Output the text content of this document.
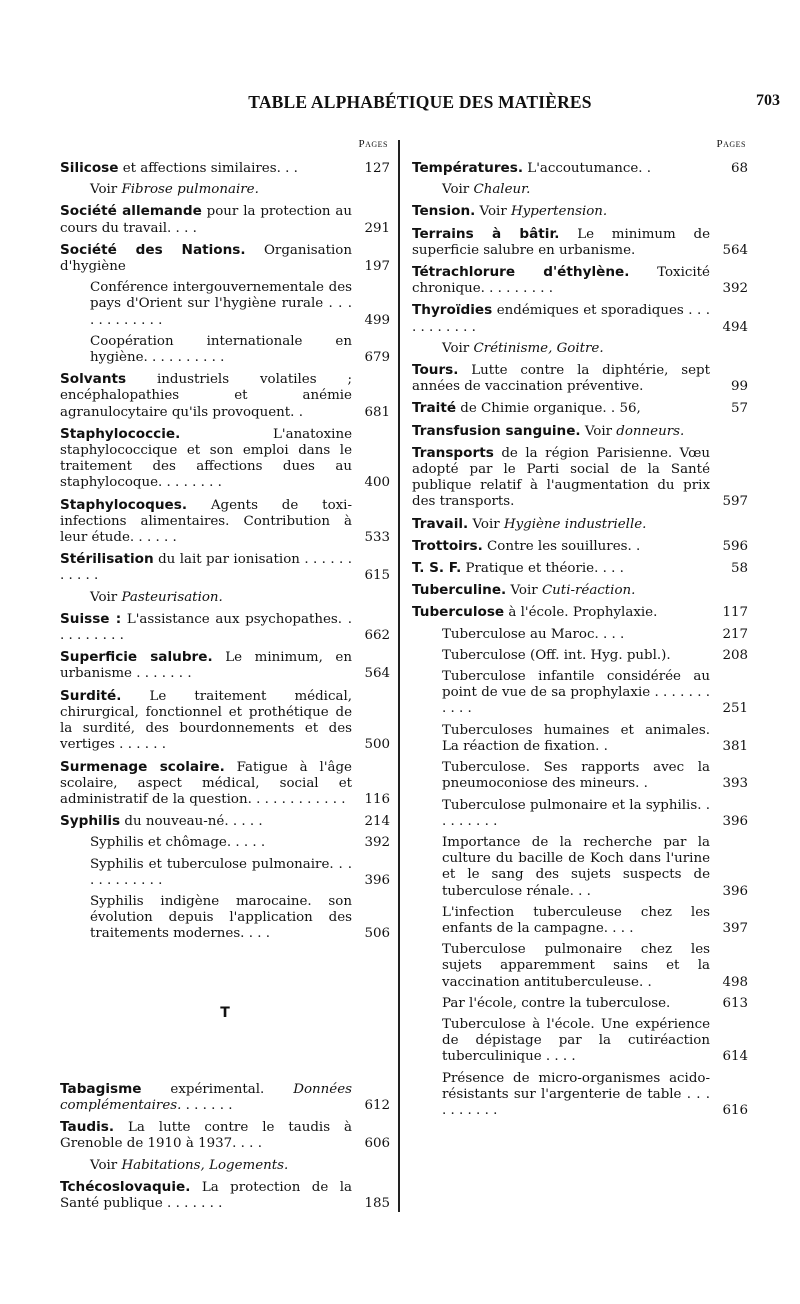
TABLE ALPHABÉTIQUE DES MATIÈRES	703
Pages
Silicose et affections similaires. . .	127
Voir Fibrose pulmonaire.
Société allemande pour la protection au cours du travail. . . .	291
Société des Nations. Organisation d'hygiène	197
Conférence intergouvernementale des pays d'Orient sur l'hygiène rurale . . . . . . . . . . . .	499
Coopération internationale en hygiène. . . . . . . . . .	679
Solvants industriels volatiles ; encéphalopathies et anémie agranulocytaire qu'ils provoquent. .	681
Staphylococcie. L'anatoxine staphylococcique et son emploi dans le traitement des affections dues au staphylocoque. . . . . . . .	400
Staphylocoques. Agents de toxi-infections alimentaires. Contribution à leur étude. . . . . .	533
Stérilisation du lait par ionisation . . . . . . . . . . .	615
Voir Pasteurisation.
Suisse : L'assistance aux psychopathes. . . . . . . . . .	662
Superficie salubre. Le minimum, en urbanisme . . . . . . .	564
Surdité. Le traitement médical, chirurgical, fonctionnel et prothétique de la surdité, des bourdonnements et des vertiges . . . . . .	500
Surmenage scolaire. Fatigue à l'âge scolaire, aspect médical, social et administratif de la question. . . . . . . . . . . .	116
Syphilis du nouveau-né. . . . .	214
Syphilis et chômage. . . . .	392
Syphilis et tuberculose pulmonaire. . . . . . . . . . . .	396
Syphilis indigène marocaine. son évolution depuis l'application des traitements modernes. . . .	506
T
Tabagisme expérimental. Données complémentaires. . . . . . .	612
Taudis. La lutte contre le taudis à Grenoble de 1910 à 1937. . . .	606
Voir Habitations, Logements.
Tchécoslovaquie. La protection de la Santé publique . . . . . . .	185
Pages
Températures. L'accoutumance. .	68
Voir Chaleur.
Tension. Voir Hypertension.
Terrains à bâtir. Le minimum de superficie salubre en urbanisme.	564
Tétrachlorure d'éthylène. Toxicité chronique. . . . . . . . .	392
Thyroïdies endémiques et sporadiques . . . . . . . . . . .	494
Voir Crétinisme, Goitre.
Tours. Lutte contre la diphtérie, sept années de vaccination préventive.	99
Traité de Chimie organique. . 56,	57
Transfusion sanguine. Voir donneurs.
Transports de la région Parisienne. Vœu adopté par le Parti social de la Santé publique relatif à l'augmentation du prix des transports.	597
Travail. Voir Hygiène industrielle.
Trottoirs. Contre les souillures. .	596
T. S. F. Pratique et théorie. . . .	58
Tuberculine. Voir Cuti-réaction.
Tuberculose à l'école. Prophylaxie.	117
Tuberculose au Maroc. . . .	217
Tuberculose (Off. int. Hyg. publ.).	208
Tuberculose infantile considérée au point de vue de sa prophylaxie . . . . . . . . . . .	251
Tuberculoses humaines et animales. La réaction de fixation. .	381
Tuberculose. Ses rapports avec la pneumoconiose des mineurs. .	393
Tuberculose pulmonaire et la syphilis. . . . . . . . .	396
Importance de la recherche par la culture du bacille de Koch dans l'urine et le sang des sujets suspects de tuberculose rénale. . .	396
L'infection tuberculeuse chez les enfants de la campagne. . . .	397
Tuberculose pulmonaire chez les sujets apparemment sains et la vaccination antituberculeuse. .	498
Par l'école, contre la tuberculose.	613
Tuberculose à l'école. Une expérience de dépistage par la cutiréaction tuberculinique . . . .	614
Présence de micro-organismes acido-résistants sur l'argenterie de table . . . . . . . . . .	616
